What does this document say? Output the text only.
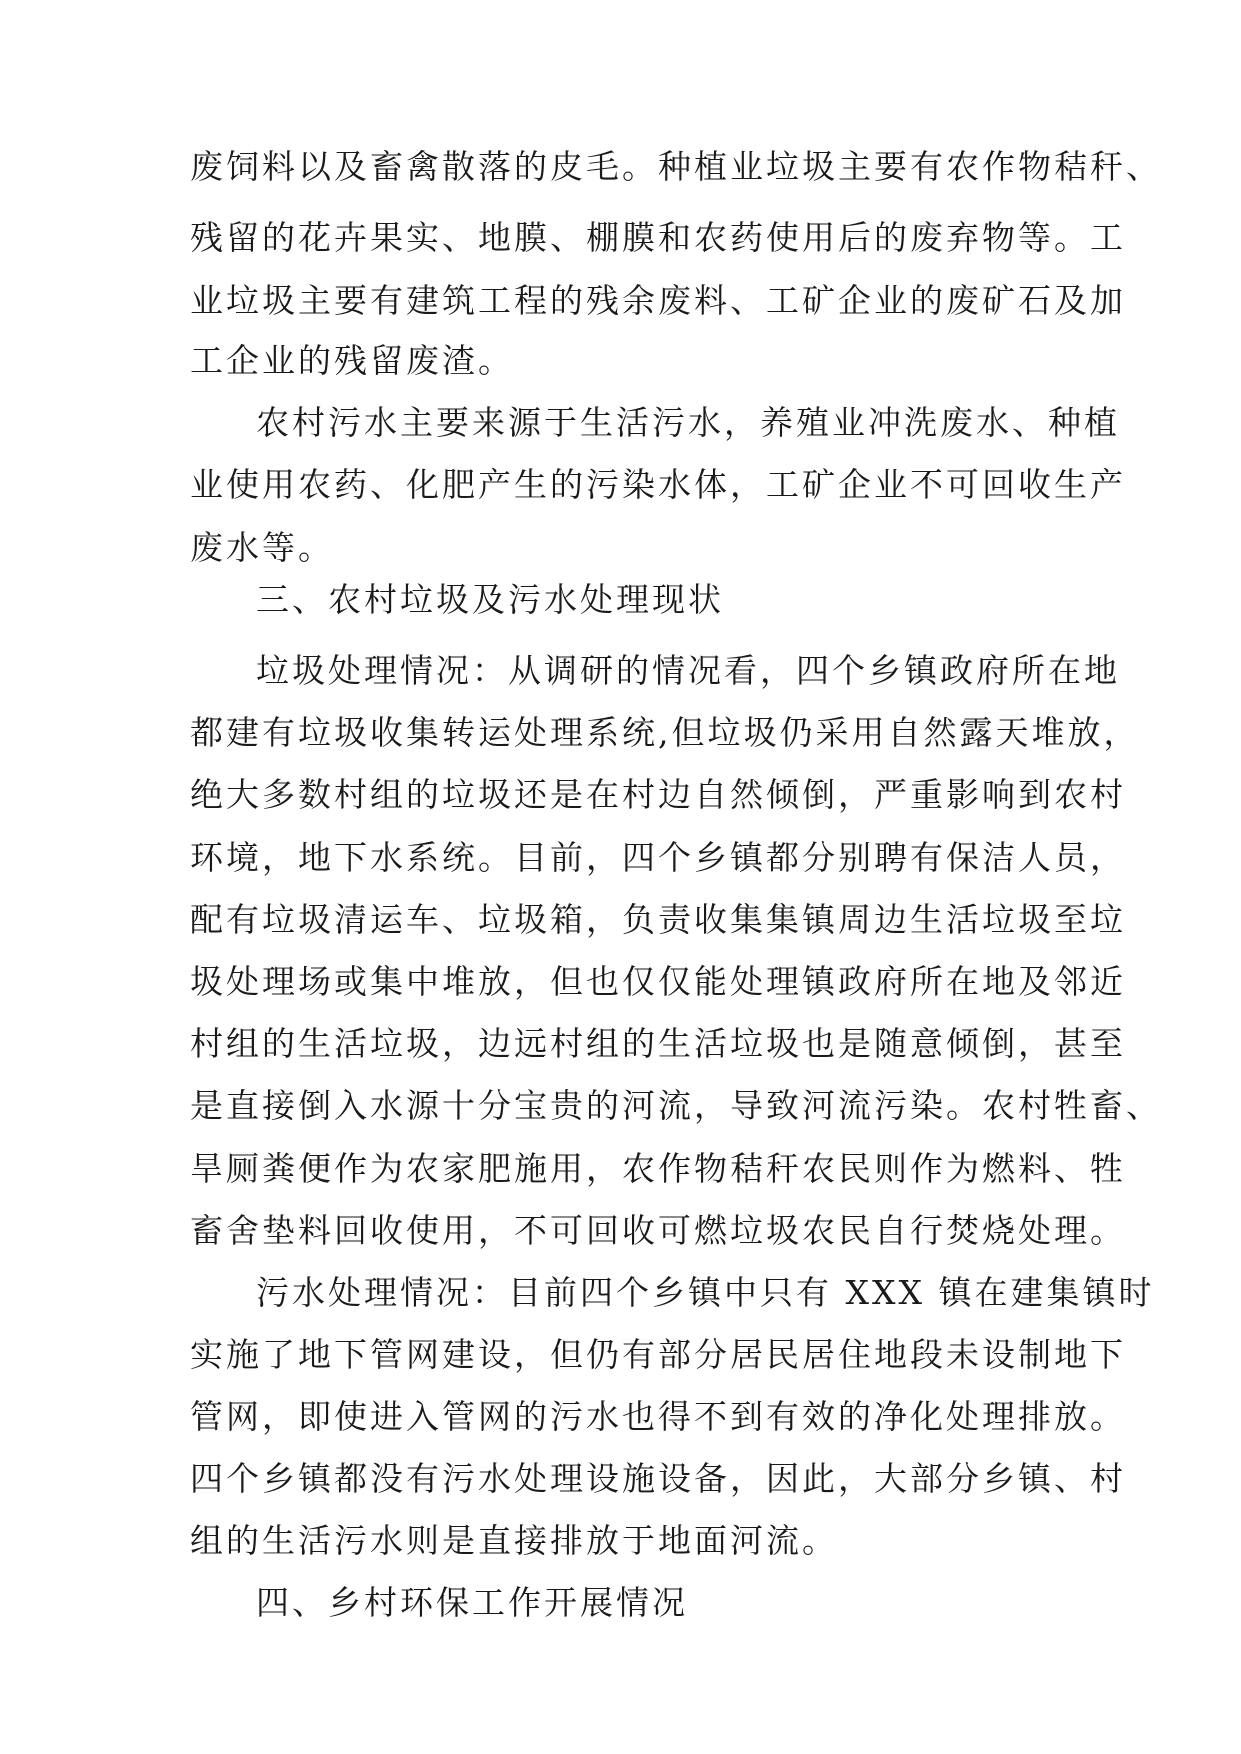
废饲料以及畜禽散落的皮毛。种植业垃圾主要有农作物秸秆、
残留的花卉果实、地膜、棚膜和农药使用后的废弃物等。工
业垃圾主要有建筑工程的残余废料、工矿企业的废矿石及加
工企业的残留废渣。
农村污水主要来源于生活污水，养殖业冲洗废水、种植
业使用农药、化肥产生的污染水体，工矿企业不可回收生产
废水等。
三、农村垃圾及污水处理现状
垃圾处理情况：从调研的情况看，四个乡镇政府所在地
都建有垃圾收集转运处理系统,但垃圾仍采用自然露天堆放，
绝大多数村组的垃圾还是在村边自然倾倒，严重影响到农村
环境，地下水系统。目前，四个乡镇都分别聘有保洁人员，
配有垃圾清运车、垃圾箱，负责收集集镇周边生活垃圾至垃
圾处理场或集中堆放，但也仅仅能处理镇政府所在地及邻近
村组的生活垃圾，边远村组的生活垃圾也是随意倾倒，甚至
是直接倒入水源十分宝贵的河流，导致河流污染。农村牲畜、
旱厕粪便作为农家肥施用，农作物秸秆农民则作为燃料、牲
畜舍垫料回收使用，不可回收可燃垃圾农民自行焚烧处理。
污水处理情况：目前四个乡镇中只有 XXX 镇在建集镇时
实施了地下管网建设，但仍有部分居民居住地段未设制地下
管网，即使进入管网的污水也得不到有效的净化处理排放。
四个乡镇都没有污水处理设施设备，因此，大部分乡镇、村
组的生活污水则是直接排放于地面河流。
四、乡村环保工作开展情况
